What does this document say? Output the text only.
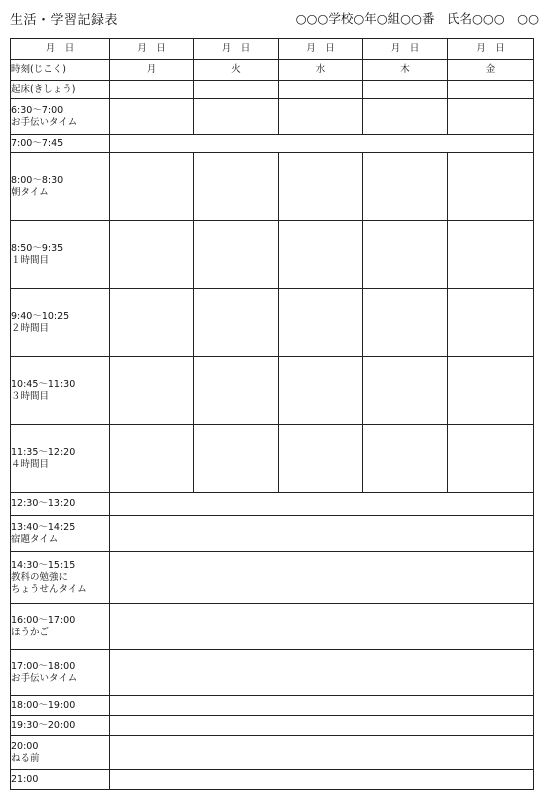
生活・学習記録表	○○○学校○年○組○○番　氏名○○○　○○
月　日	月　日	月　日	月　日	月　日	月　日
時刻(じこく)	月	火	水	木	金

起床(きしょう)					

6:30～7:00
お手伝いタイム					

7:00～7:45					

8:00～8:30
朝タイム					

8:50～9:35
１時間目					

9:40～10:25
２時間目					

10:45～11:30
３時間目					

11:35～12:20
４時間目					

12:30～13:20					

13:40～14:25
宿題タイム					

14:30～15:15
教科の勉強に
ちょうせんタイム					

16:00～17:00
ほうかご					

17:00～18:00
お手伝いタイム					

18:00～19:00					

19:30～20:00					

20:00
ねる前					

21:00					
